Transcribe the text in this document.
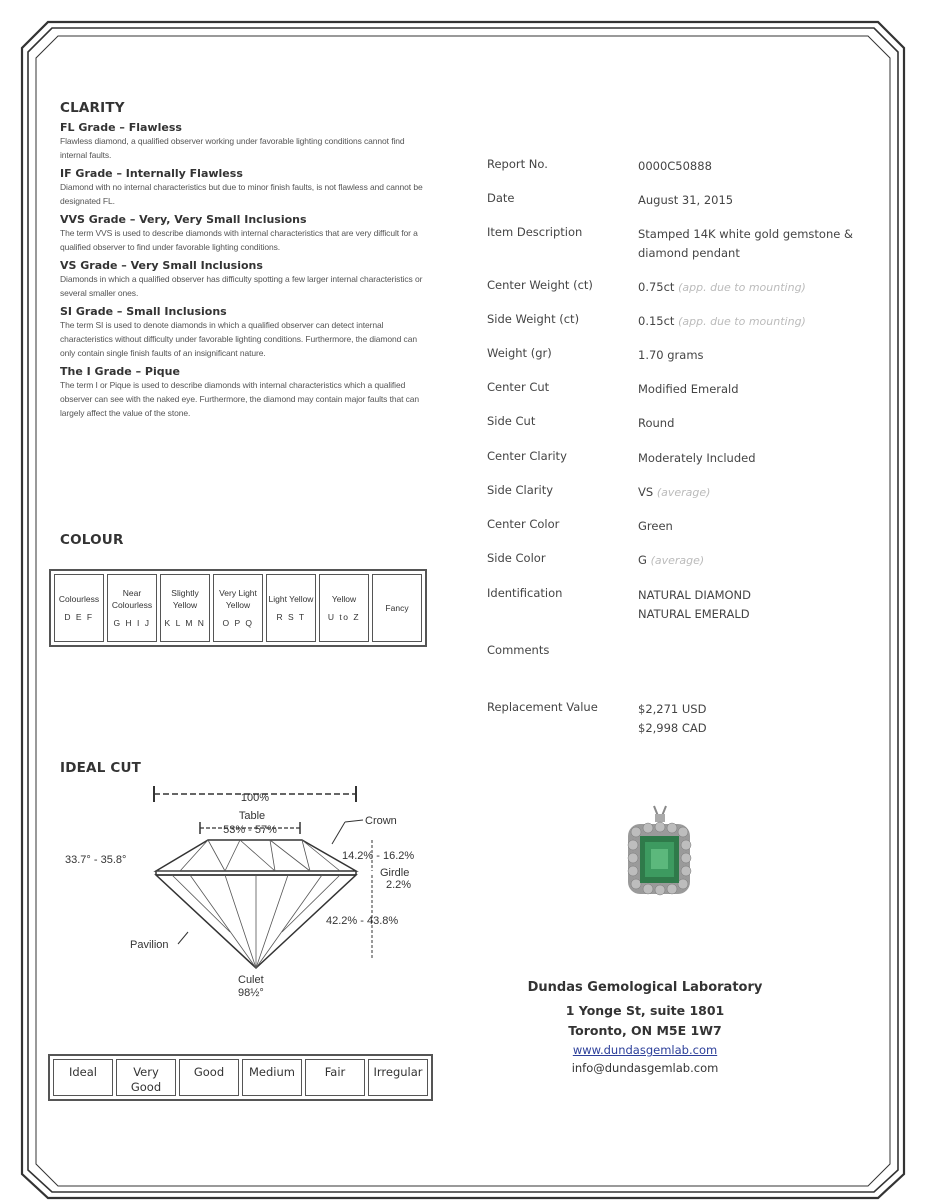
CLARITY
FL Grade – Flawless
Flawless diamond, a qualified observer working under favorable lighting conditions cannot find internal faults.
IF Grade – Internally Flawless
Diamond with no internal characteristics but due to minor finish faults, is not flawless and cannot be designated FL.
VVS Grade – Very, Very Small Inclusions
The term VVS is used to describe diamonds with internal characteristics that are very difficult for a qualified observer to find under favorable lighting conditions.
VS Grade – Very Small Inclusions
Diamonds in which a qualified observer has difficulty spotting a few larger internal characteristics or several smaller ones.
SI Grade – Small Inclusions
The term SI is used to denote diamonds in which a qualified observer can detect internal characteristics without difficulty under favorable lighting conditions. Furthermore, the diamond can only contain single finish faults of an insignificant nature.
The I Grade – Pique
The term I or Pique is used to describe diamonds with internal characteristics which a qualified observer can see with the naked eye. Furthermore, the diamond may contain major faults that can largely affect the value of the stone.
COLOUR
Colourless
D E F
	Near Colourless
G H I J
	Slightly Yellow
K L M N
	Very Light Yellow
O P Q
	Light Yellow
R S T
	Yellow
U to Z
	Fancy
IDEAL CUT
100%
Table
53% - 57%
Crown
33.7° - 35.8°	14.2% - 16.2%
Girdle
2.2%
42.2% - 43.8%
Pavilion
Culet
98½°
Ideal	Very Good	Good	Medium	Fair	Irregular
Report No.	0000C50888
Date	August 31, 2015
Item Description	Stamped 14K white gold gemstone & diamond pendant
Center Weight (ct)	0.75ct (app. due to mounting)
Side Weight (ct)	0.15ct (app. due to mounting)
Weight (gr)	1.70 grams
Center Cut	Modified Emerald
Side Cut	Round
Center Clarity	Moderately Included
Side Clarity	VS (average)
Center Color	Green
Side Color	G (average)
Identification	NATURAL DIAMOND
NATURAL EMERALD
Comments
Replacement Value	$2,271 USD
$2,998 CAD
Dundas Gemological Laboratory
1 Yonge St, suite 1801
Toronto, ON M5E 1W7
www.dundasgemlab.com
info@dundasgemlab.com
